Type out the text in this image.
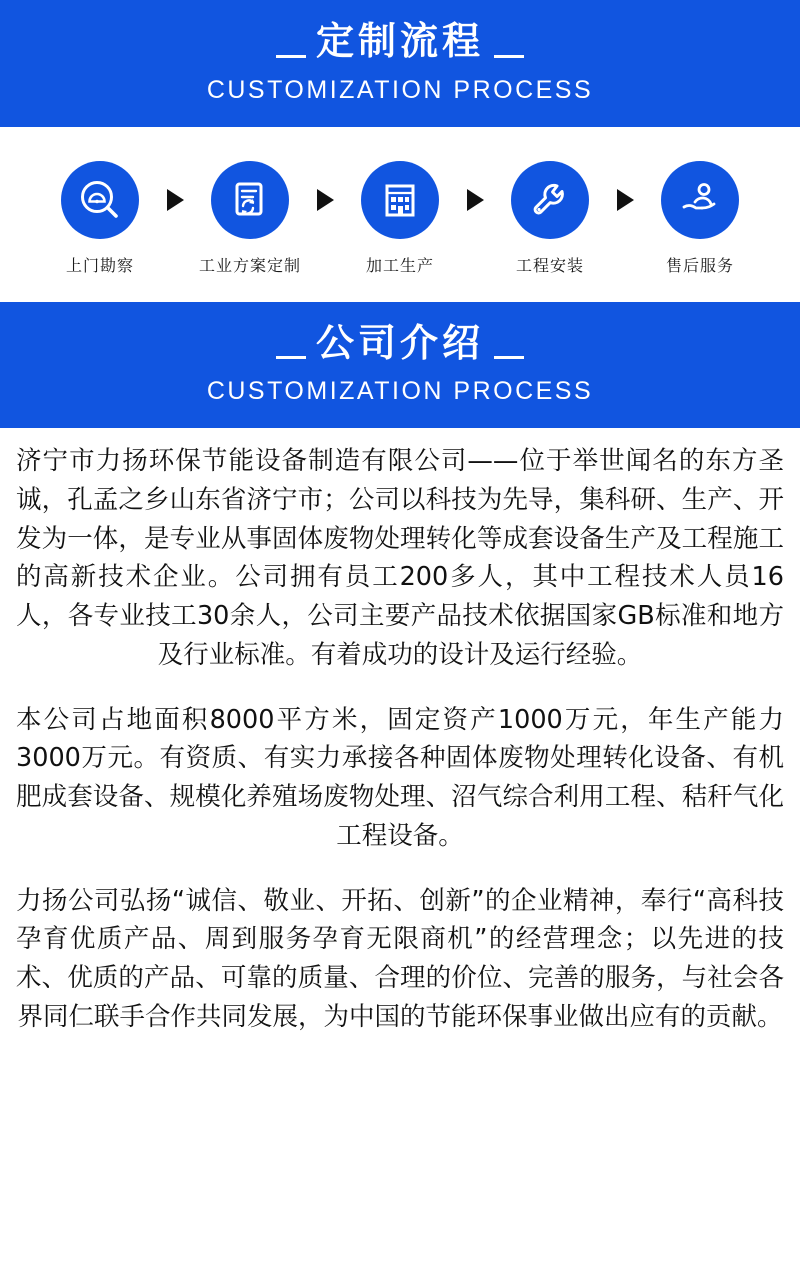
定制流程
CUSTOMIZATION PROCESS
上门勘察	工业方案定制	加工生产	工程安装	售后服务
公司介绍
CUSTOMIZATION PROCESS

济宁市力扬环保节能设备制造有限公司——位于举世闻名的东方圣诚，孔孟之乡山东省济宁市；公司以科技为先导，集科研、生产、开发为一体，是专业从事固体废物处理转化等成套设备生产及工程施工的高新技术企业。公司拥有员工200多人，其中工程技术人员16人，各专业技工30余人，公司主要产品技术依据国家GB标准和地方及行业标准。有着成功的设计及运行经验。

本公司占地面积8000平方米，固定资产1000万元，年生产能力3000万元。有资质、有实力承接各种固体废物处理转化设备、有机肥成套设备、规模化养殖场废物处理、沼气综合利用工程、秸秆气化工程设备。

力扬公司弘扬“诚信、敬业、开拓、创新”的企业精神，奉行“高科技孕育优质产品、周到服务孕育无限商机”的经营理念；以先进的技术、优质的产品、可靠的质量、合理的价位、完善的服务，与社会各界同仁联手合作共同发展，为中国的节能环保事业做出应有的贡献。
